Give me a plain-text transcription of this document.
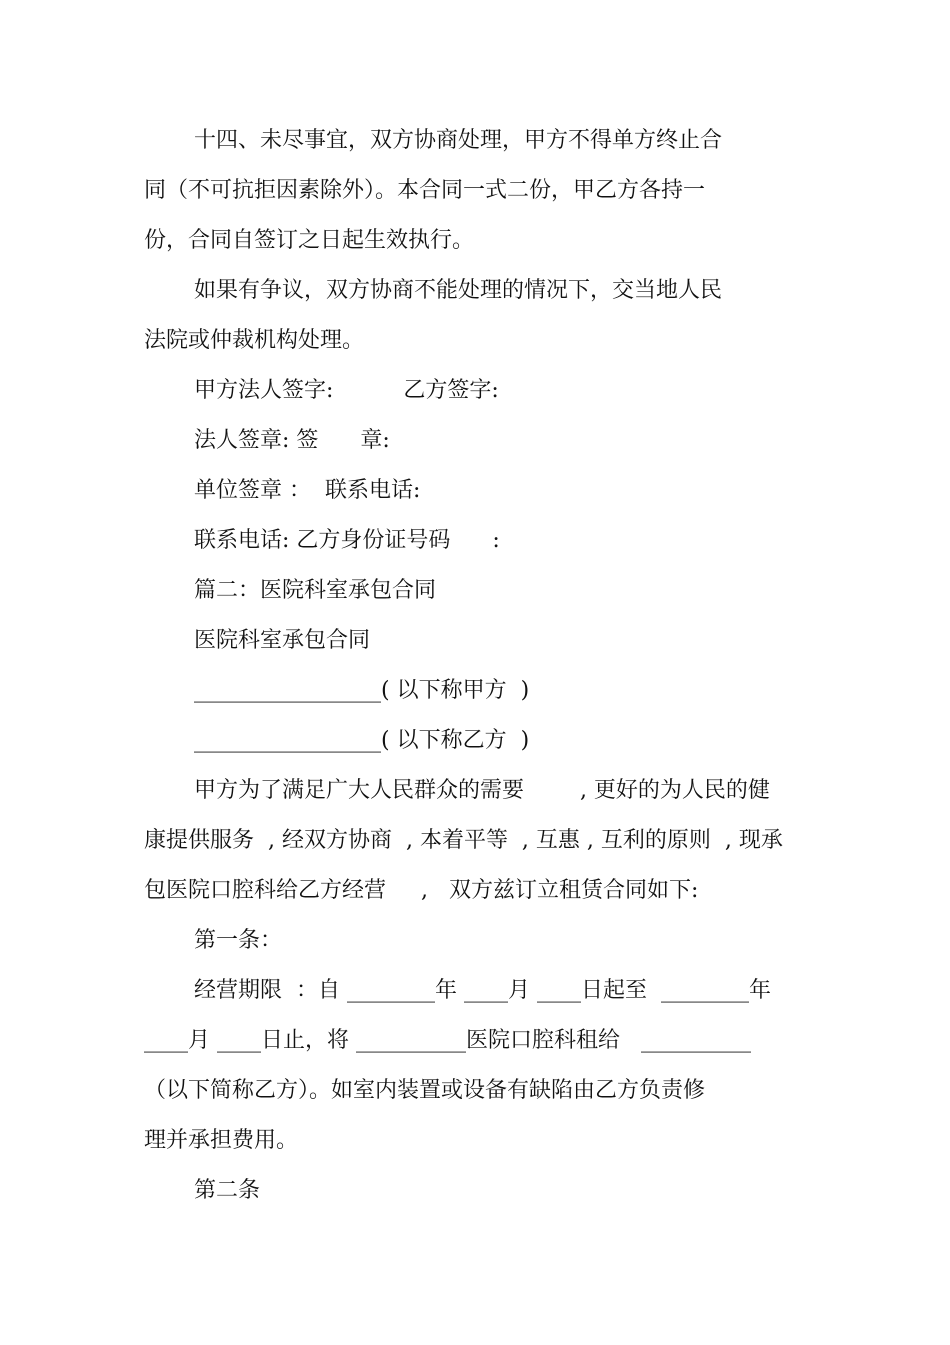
十四、未尽事宜，双方协商处理，甲方不得单方终止合

同（不可抗拒因素除外）。本合同一式二份，甲乙方各持一

份，合同自签订之日起生效执行。

如果有争议，双方协商不能处理的情况下，交当地人民

法院或仲裁机构处理。

甲方法人签字:          乙方签字:

法人签章: 签      章:

单位签章 ：  联系电话:

联系电话: 乙方身份证号码      :

篇二：医院科室承包合同

医院科室承包合同

_________________( 以下称甲方  )

_________________( 以下称乙方  )

甲方为了满足广大人民群众的需要        , 更好的为人民的健

康提供服务  , 经双方协商  , 本着平等  , 互惠 , 互利的原则  , 现承

包医院口腔科给乙方经营     ,   双方兹订立租赁合同如下:

第一条：

经营期限  ：自 ________年 ____月 ____日起至  ________年

____月 ____日止，将 __________医院口腔科租给   __________

（以下简称乙方）。如室内装置或设备有缺陷由乙方负责修

理并承担费用。

第二条
